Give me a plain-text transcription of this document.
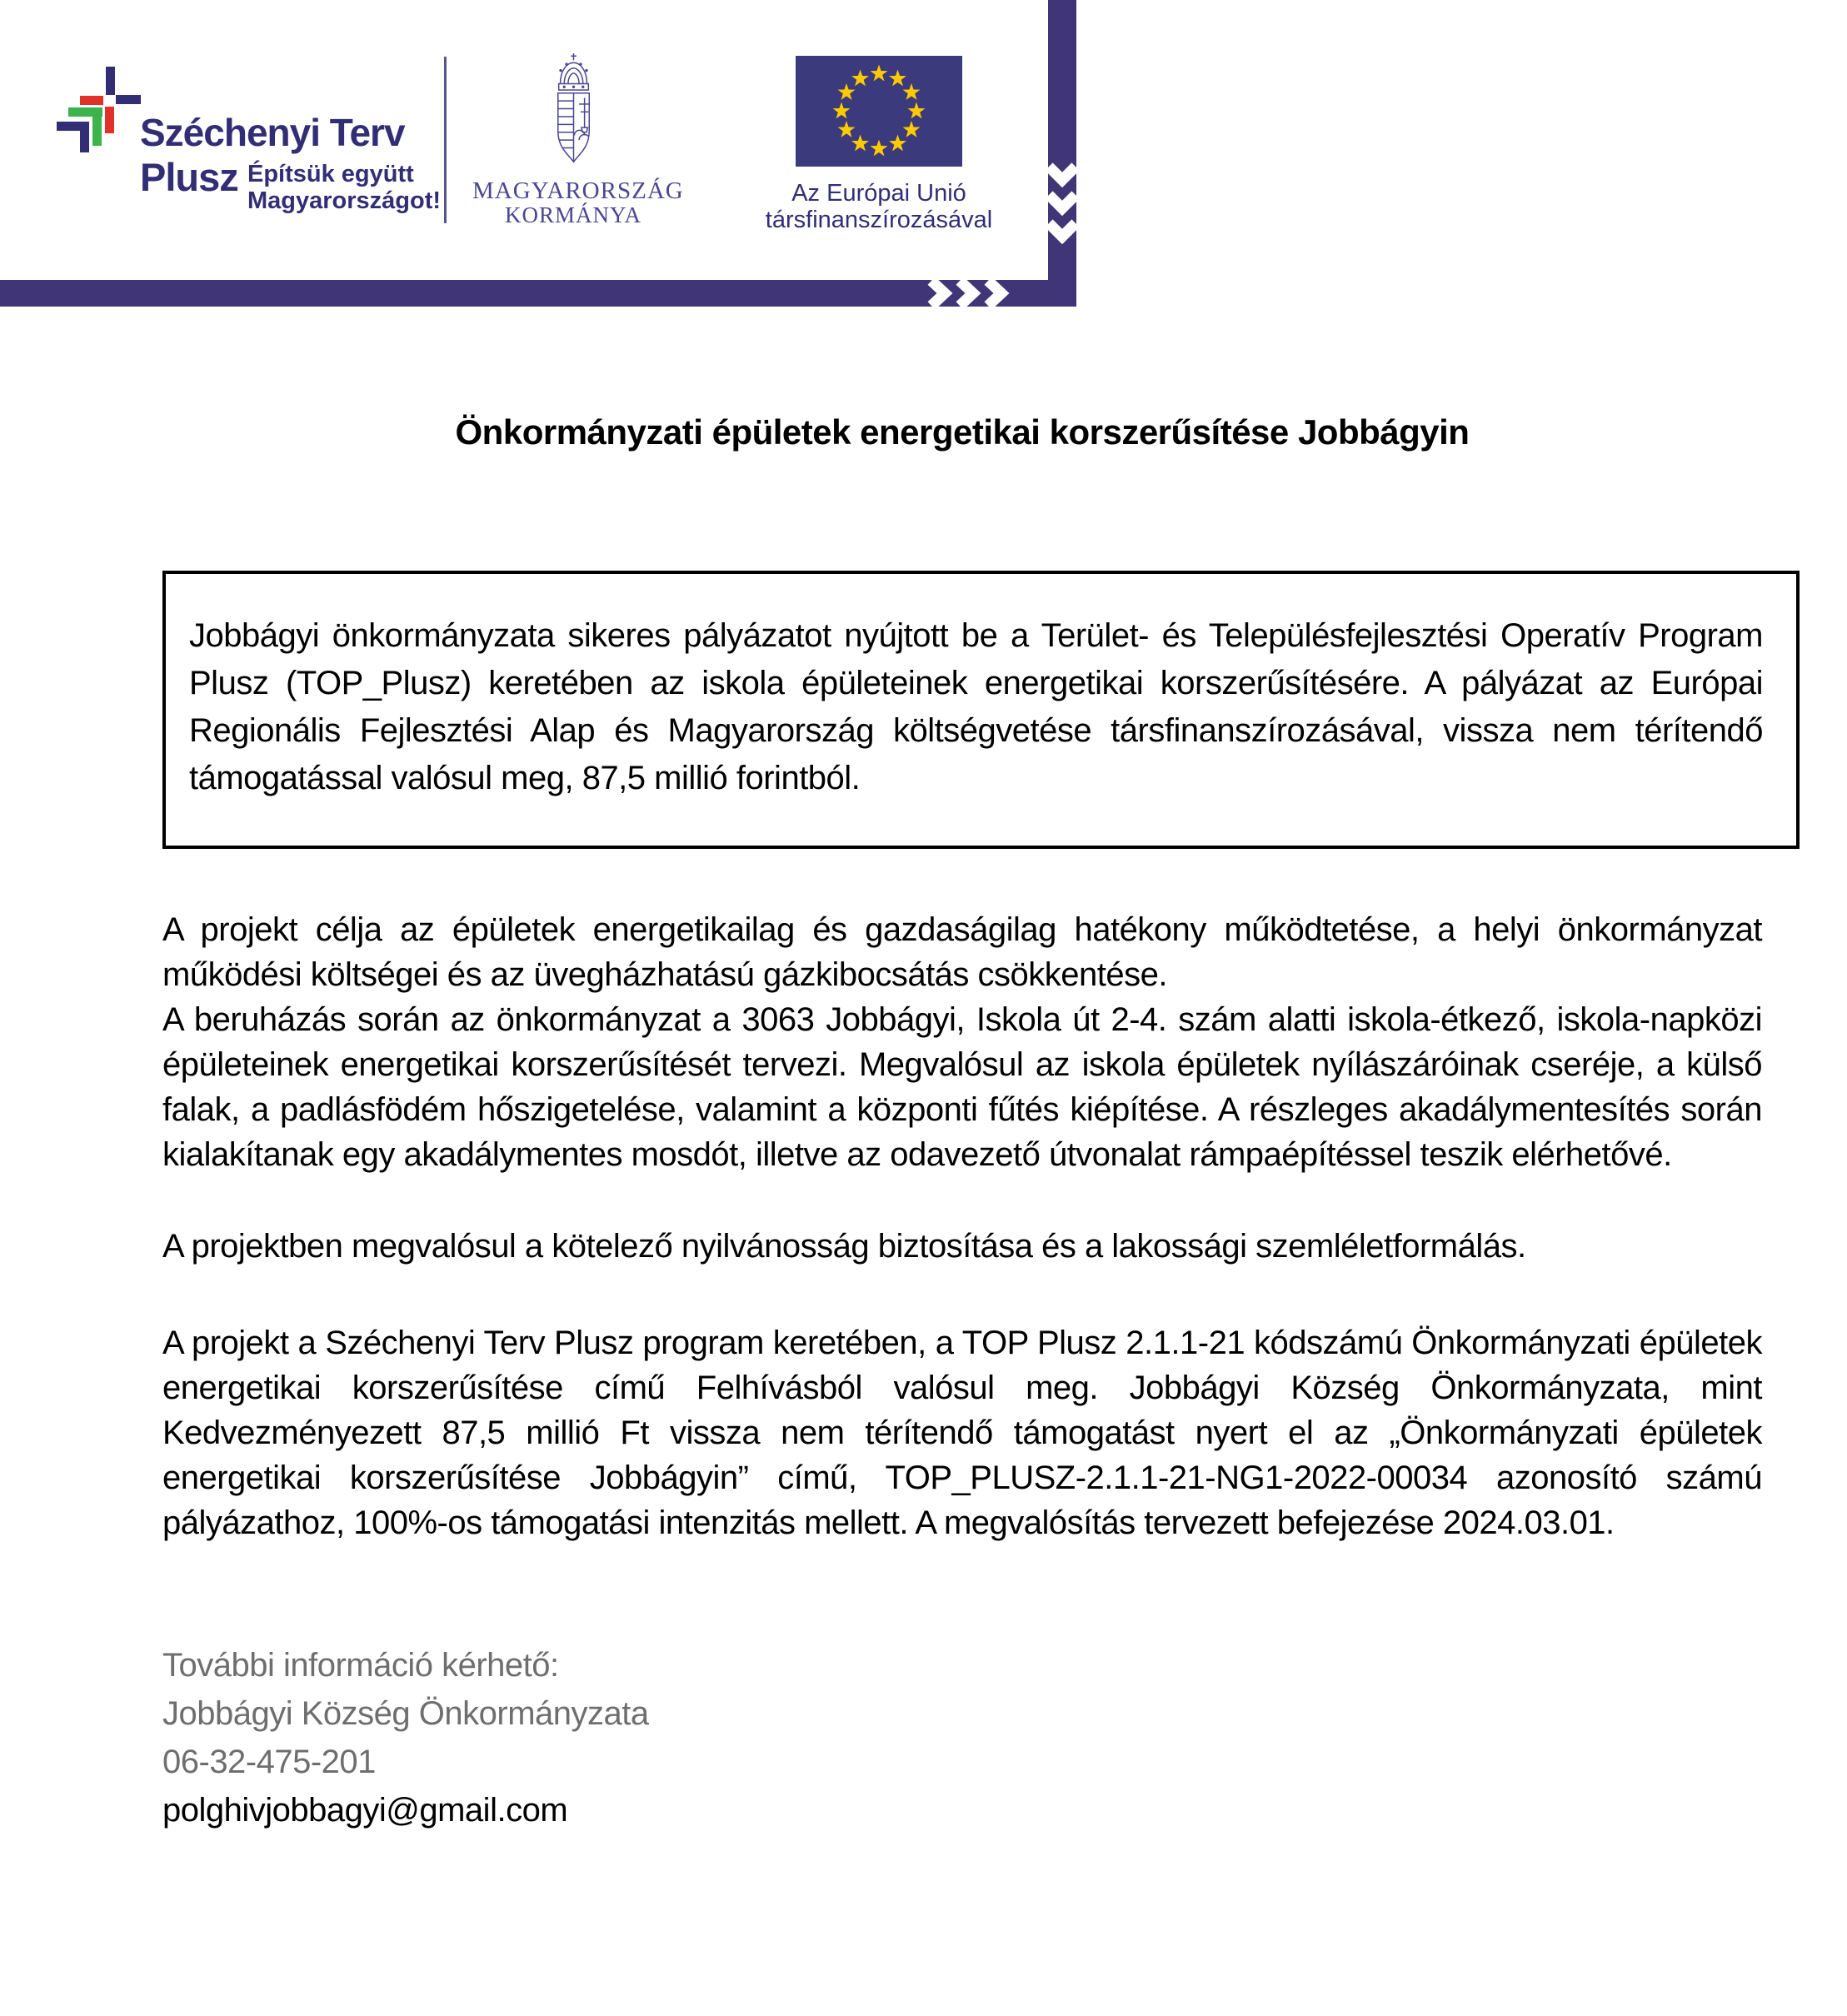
Széchenyi Terv
Plusz Építsük együtt
Magyarországot! MAGYARORSZÁG
KORMÁNYA
Az Európai Unió
társfinanszírozásával
Önkormányzati épületek energetikai korszerűsítése Jobbágyin
Jobbágyi önkormányzata sikeres pályázatot nyújtott be a Terület- és Településfejlesztési Operatív Program Plusz (TOP_Plusz) keretében az iskola épületeinek energetikai korszerűsítésére. A pályázat az Európai Regionális Fejlesztési Alap és Magyarország költségvetése társfinanszírozásával, vissza nem térítendő támogatással valósul meg, 87,5 millió forintból.

A projekt célja az épületek energetikailag és gazdaságilag hatékony működtetése, a helyi önkormányzat működési költségei és az üvegházhatású gázkibocsátás csökkentése.

A beruházás során az önkormányzat a 3063 Jobbágyi, Iskola út 2-4. szám alatti iskola-étkező, iskola-napközi épületeinek energetikai korszerűsítését tervezi. Megvalósul az iskola épületek nyílászáróinak cseréje, a külső falak, a padlásfödém hőszigetelése, valamint a központi fűtés kiépítése. A részleges akadálymentesítés során kialakítanak egy akadálymentes mosdót, illetve az odavezető útvonalat rámpaépítéssel teszik elérhetővé.

A projektben megvalósul a kötelező nyilvánosság biztosítása és a lakossági szemléletformálás.

A projekt a Széchenyi Terv Plusz program keretében, a TOP Plusz 2.1.1-21 kódszámú Önkormányzati épületek energetikai korszerűsítése című Felhívásból valósul meg. Jobbágyi Község Önkormányzata, mint Kedvezményezett 87,5 millió Ft vissza nem térítendő támogatást nyert el az „Önkormányzati épületek energetikai korszerűsítése Jobbágyin” című, TOP_PLUSZ-2.1.1-21-NG1-2022-00034 azonosító számú pályázathoz, 100%-os támogatási intenzitás mellett. A megvalósítás tervezett befejezése 2024.03.01.

További információ kérhető:
Jobbágyi Község Önkormányzata
06-32-475-201
polghivjobbagyi@gmail.com
